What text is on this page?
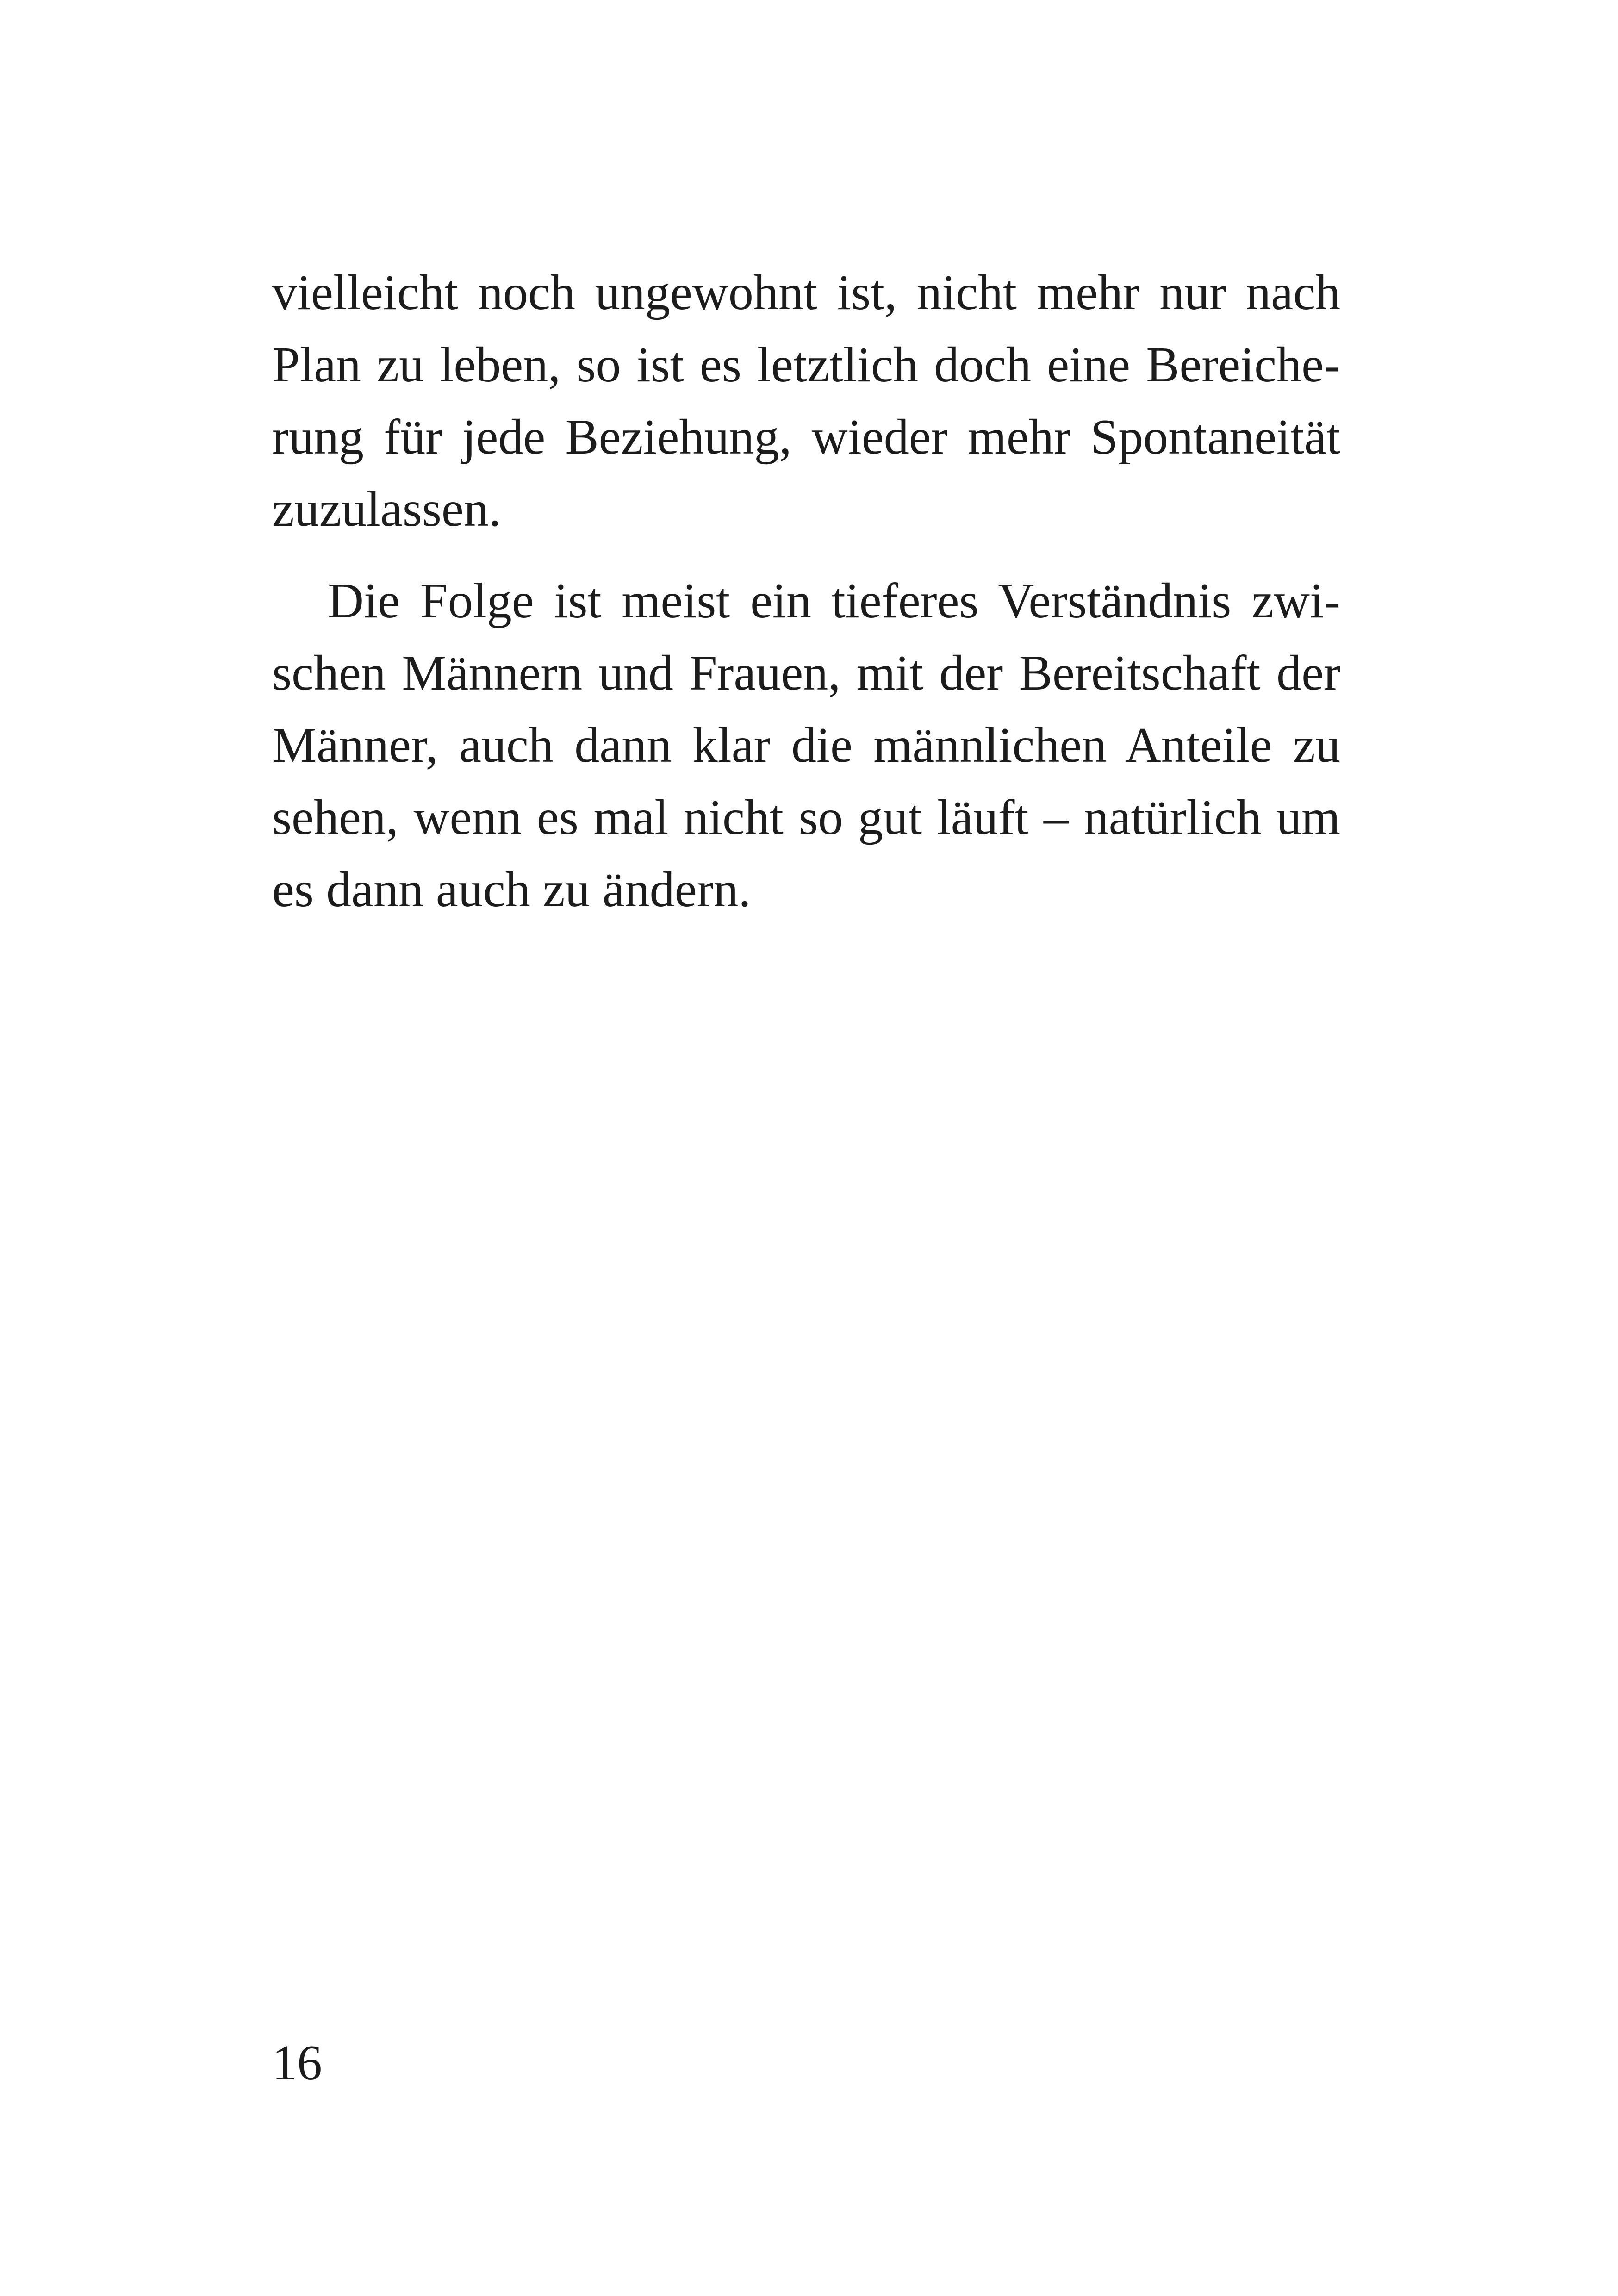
vielleicht noch ungewohnt ist, nicht mehr nur nach
Plan zu leben, so ist es letztlich doch eine Bereiche-
rung für jede Beziehung, wieder mehr Spontaneität
zuzulassen.
Die Folge ist meist ein tieferes Verständnis zwi-
schen Männern und Frauen, mit der Bereitschaft der
Männer, auch dann klar die männlichen Anteile zu
sehen, wenn es mal nicht so gut läuft – natürlich um
es dann auch zu ändern.
16
